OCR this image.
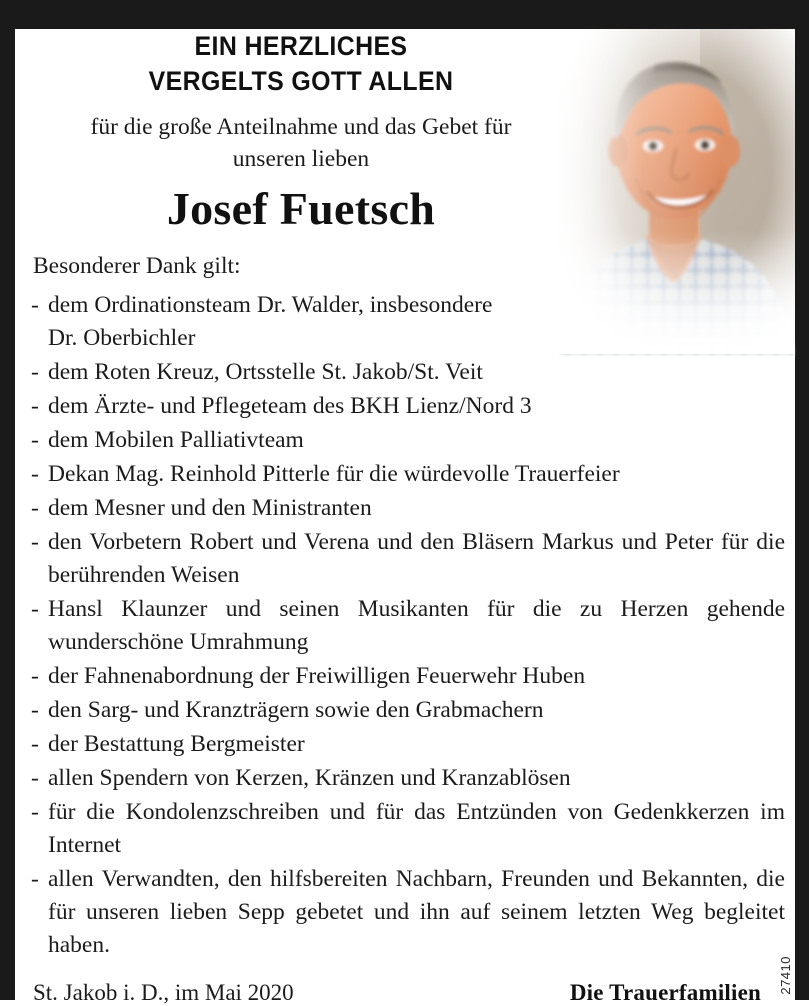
EIN HERZLICHES
VERGELTS GOTT ALLEN
für die große Anteilnahme und das Gebet für
unseren lieben
Josef Fuetsch
Besonderer Dank gilt:
- dem Ordinationsteam Dr. Walder, insbesondere Dr. Oberbichler
- dem Roten Kreuz, Ortsstelle St. Jakob/St. Veit
- dem Ärzte- und Pflegeteam des BKH Lienz/Nord 3
- dem Mobilen Palliativteam
- Dekan Mag. Reinhold Pitterle für die würdevolle Trauerfeier
- dem Mesner und den Ministranten
- den Vorbetern Robert und Verena und den Bläsern Markus und Peter für die berührenden Weisen
- Hansl Klaunzer und seinen Musikanten für die zu Herzen gehende wunderschöne Umrahmung
- der Fahnenabordnung der Freiwilligen Feuerwehr Huben
- den Sarg- und Kranzträgern sowie den Grabmachern
- der Bestattung Bergmeister
- allen Spendern von Kerzen, Kränzen und Kranzablösen
- für die Kondolenzschreiben und für das Entzünden von Gedenkkerzen im Internet
- allen Verwandten, den hilfsbereiten Nachbarn, Freunden und Bekannten, die für unseren lieben Sepp gebetet und ihn auf seinem letzten Weg begleitet haben.
St. Jakob i. D., im Mai 2020	Die Trauerfamilien 27410
